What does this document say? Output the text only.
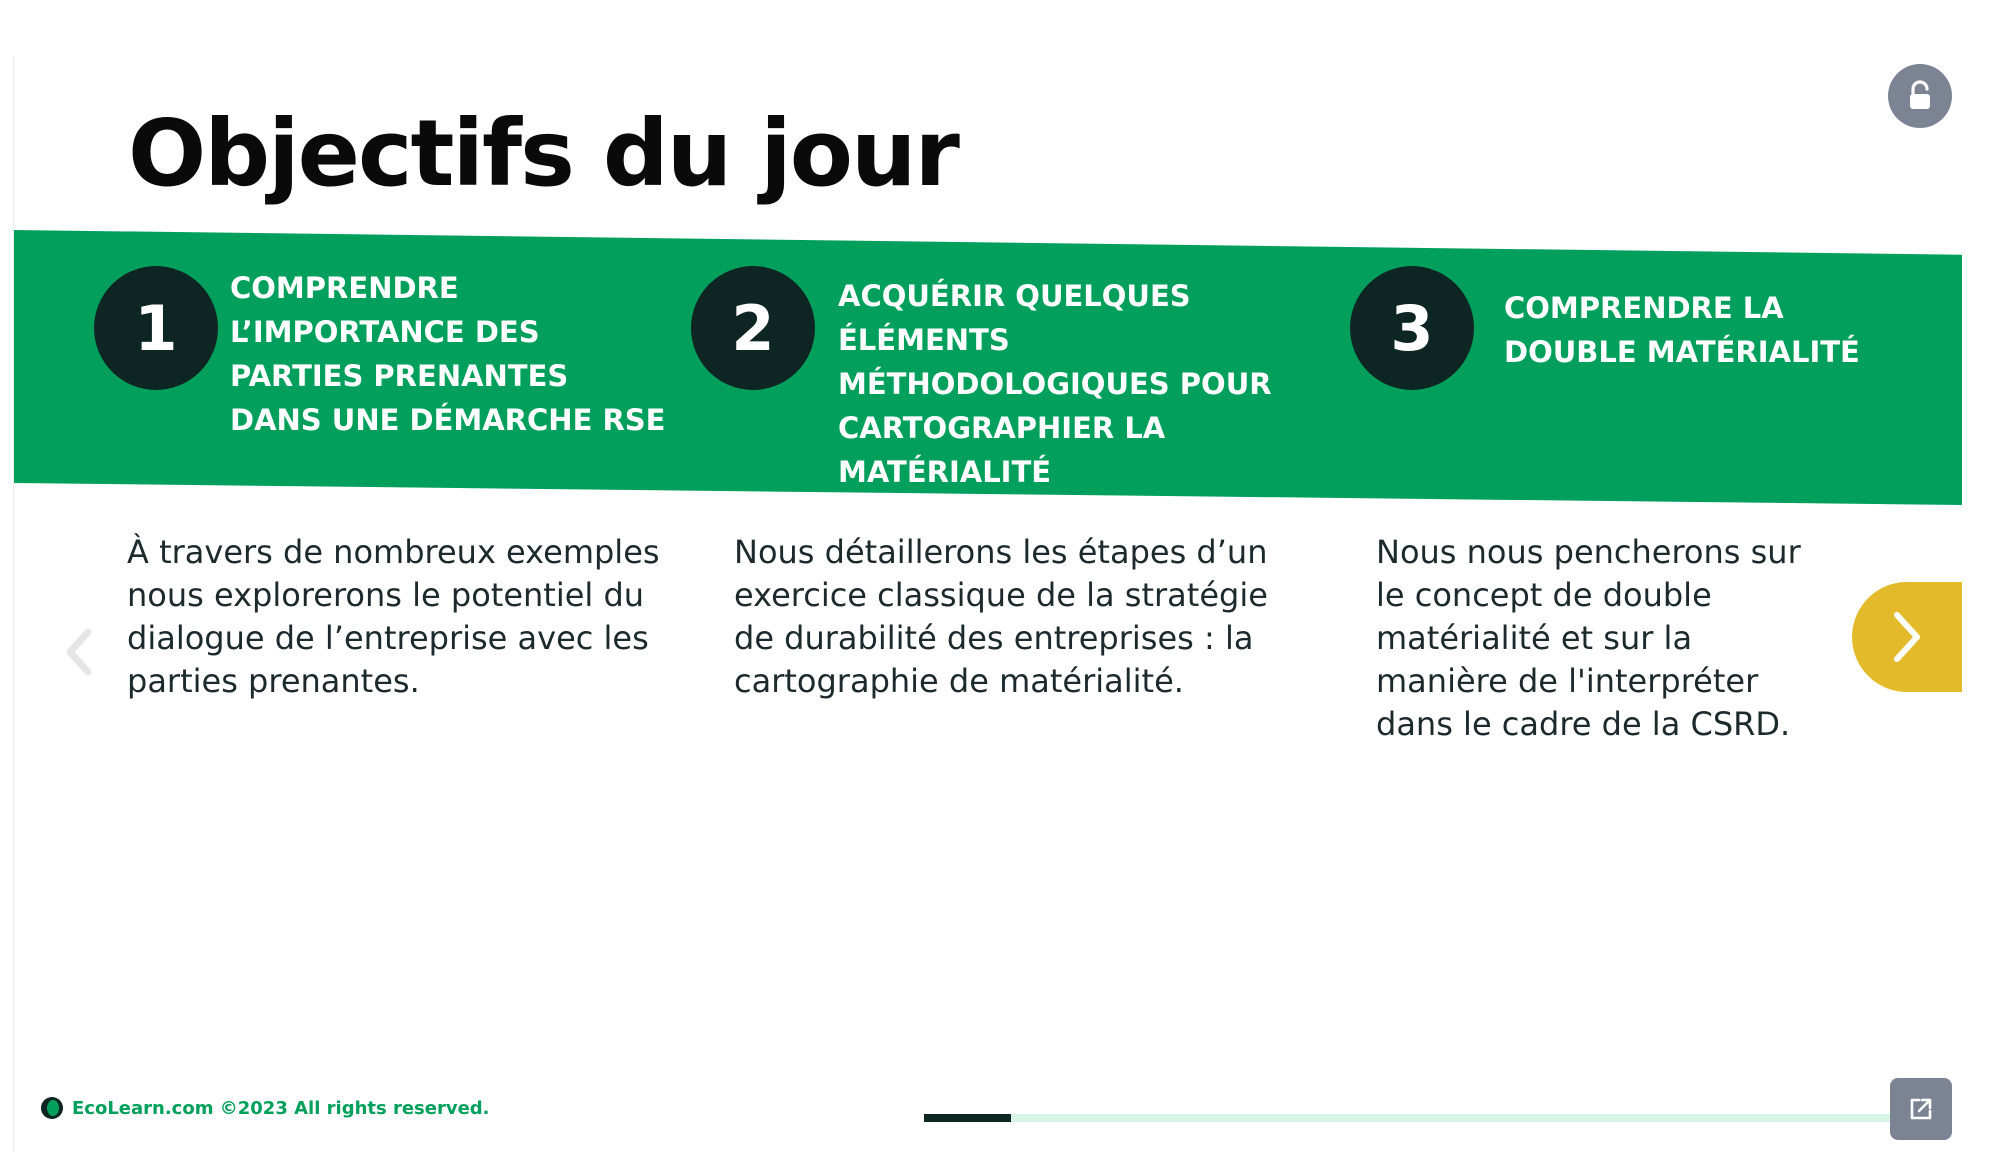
Objectifs du jour
1

COMPRENDRE L’IMPORTANCE DES PARTIES PRENANTES DANS UNE DÉMARCHE RSE

2	ACQUÉRIR QUELQUES ÉLÉMENTS MÉTHODOLOGIQUES POUR CARTOGRAPHIER LA MATÉRIALITÉ

3	COMPRENDRE LA DOUBLE MATÉRIALITÉ

À travers de nombreux exemples nous explorerons le potentiel du dialogue de l’entreprise avec les parties prenantes.

Nous détaillerons les étapes d’un exercice classique de la stratégie de durabilité des entreprises : la cartographie de matérialité.

Nous nous pencherons sur le concept de double matérialité et sur la manière de l'interpréter dans le cadre de la CSRD.

EcoLearn.com ©2023 All rights reserved.
